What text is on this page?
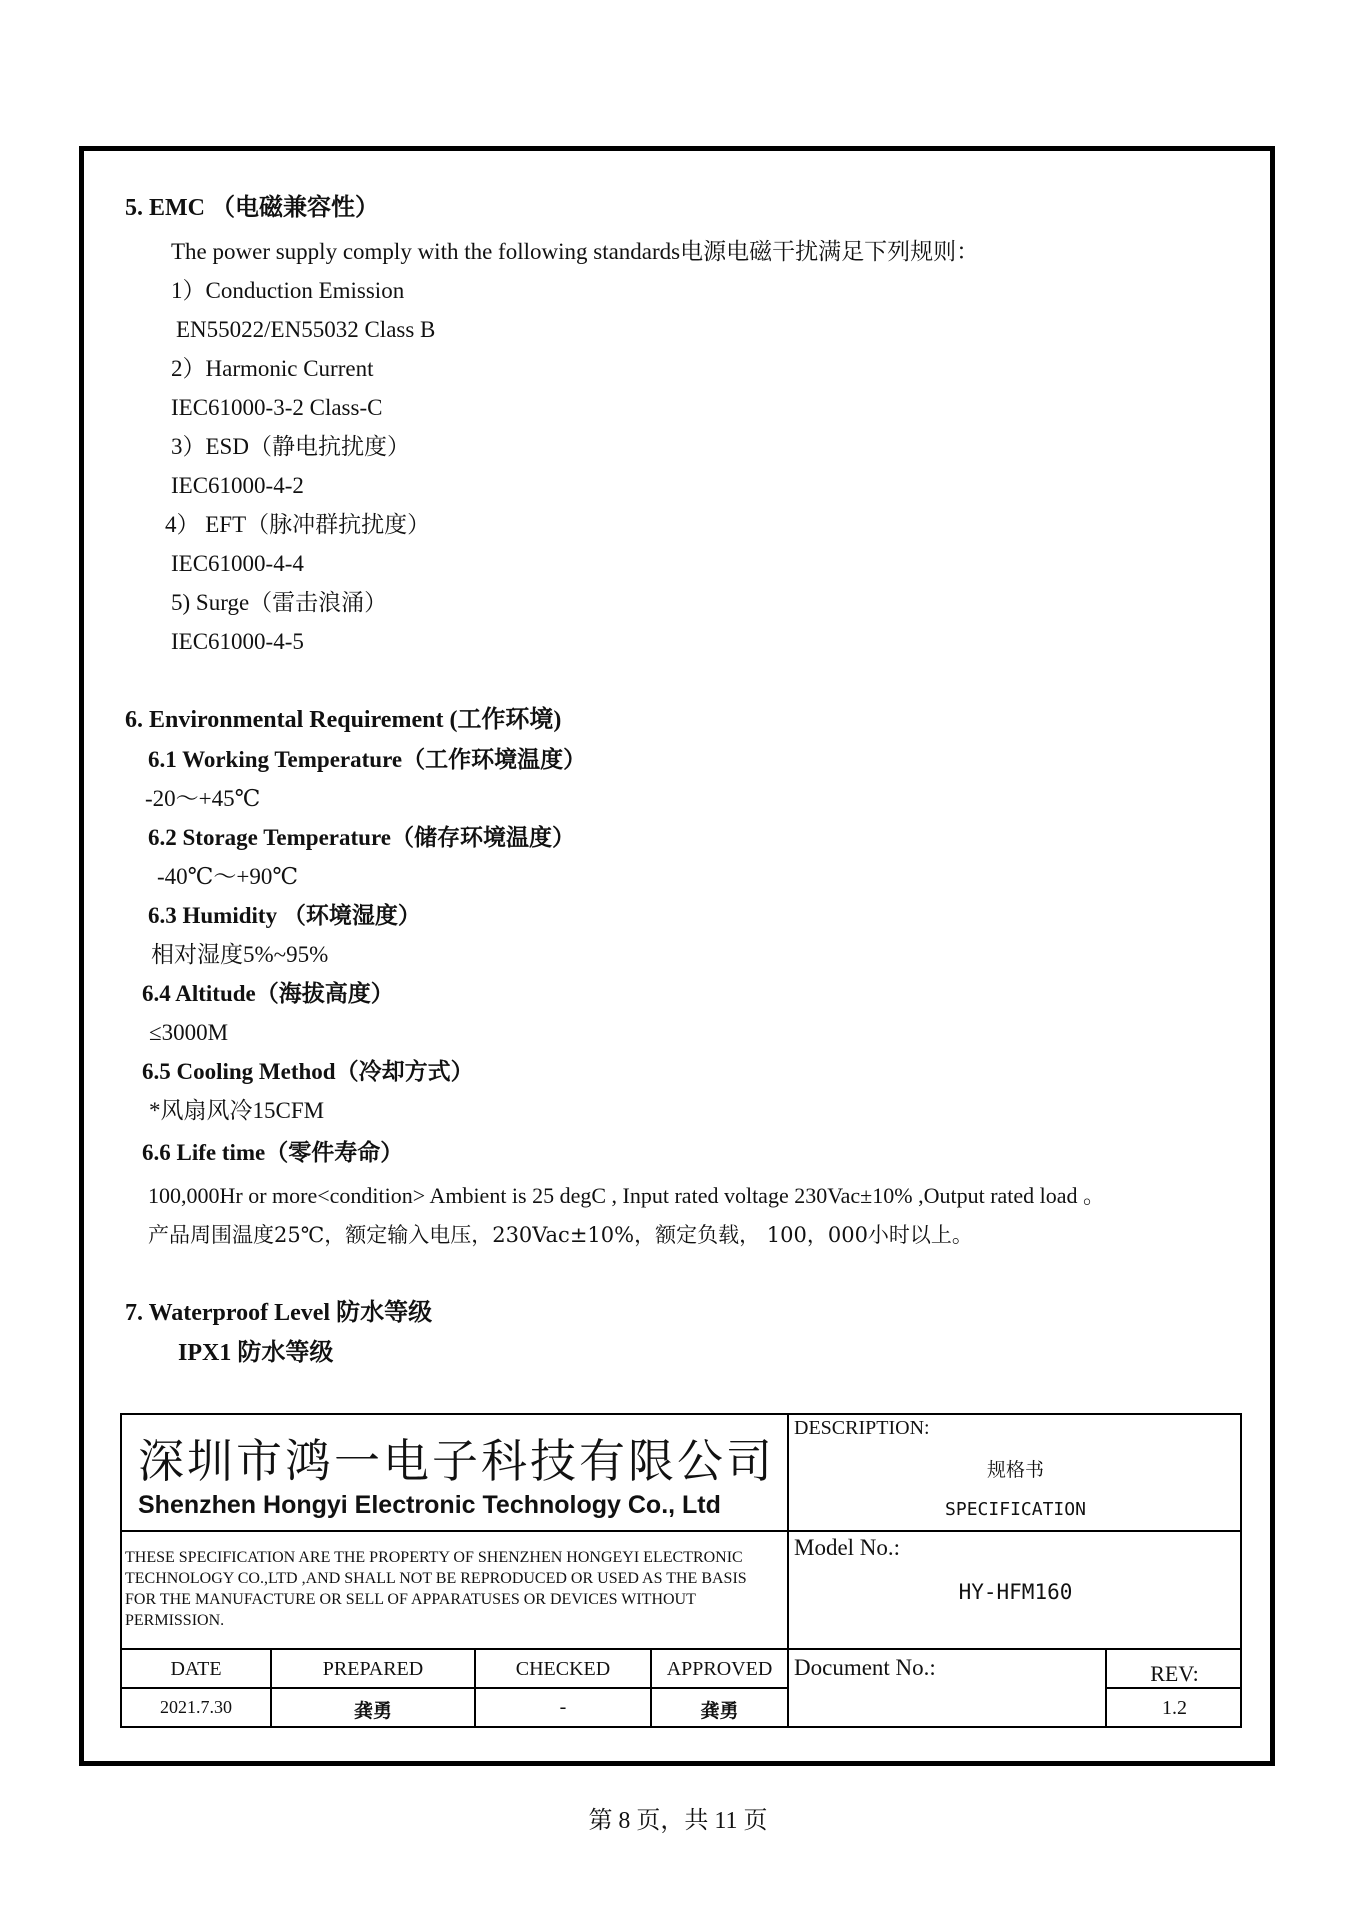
5. EMC （电磁兼容性）
The power supply comply with the following standards电源电磁干扰满足下列规则：
1）Conduction Emission
EN55022/EN55032 Class B
2）Harmonic Current
IEC61000-3-2 Class-C
3）ESD（静电抗扰度）
IEC61000-4-2
4） EFT（脉冲群抗扰度）
IEC61000-4-4
5) Surge（雷击浪涌）
IEC61000-4-5
6. Environmental Requirement (工作环境)
6.1 Working Temperature（工作环境温度）
-20～+45℃
6.2 Storage Temperature（储存环境温度）
-40℃～+90℃
6.3 Humidity （环境湿度）
相对湿度5%~95%
6.4 Altitude（海拔高度）
≤3000M
6.5 Cooling Method（冷却方式）
*风扇风冷15CFM
6.6 Life time（零件寿命）
100,000Hr or more<condition> Ambient is 25 degC , Input rated voltage 230Vac±10% ,Output rated load 。
产品周围温度25℃，额定输入电压，230Vac±10%，额定负载， 100，000小时以上。
7. Waterproof Level 防水等级
IPX1 防水等级
深圳市鸿一电子科技有限公司
Shenzhen Hongyi Electronic Technology Co., Ltd
DESCRIPTION:
规格书
SPECIFICATION
THESE SPECIFICATION ARE THE PROPERTY OF SHENZHEN HONGEYI ELECTRONIC TECHNOLOGY CO.,LTD ,AND SHALL NOT BE REPRODUCED OR USED AS THE BASIS FOR THE MANUFACTURE OR SELL OF APPARATUSES OR DEVICES WITHOUT PERMISSION.
Model No.:
HY-HFM160
DATE	PREPARED	CHECKED	APPROVED
2021.7.30	龚勇	-	龚勇
Document No.:	REV:
1.2
第 8 页，共 11 页
